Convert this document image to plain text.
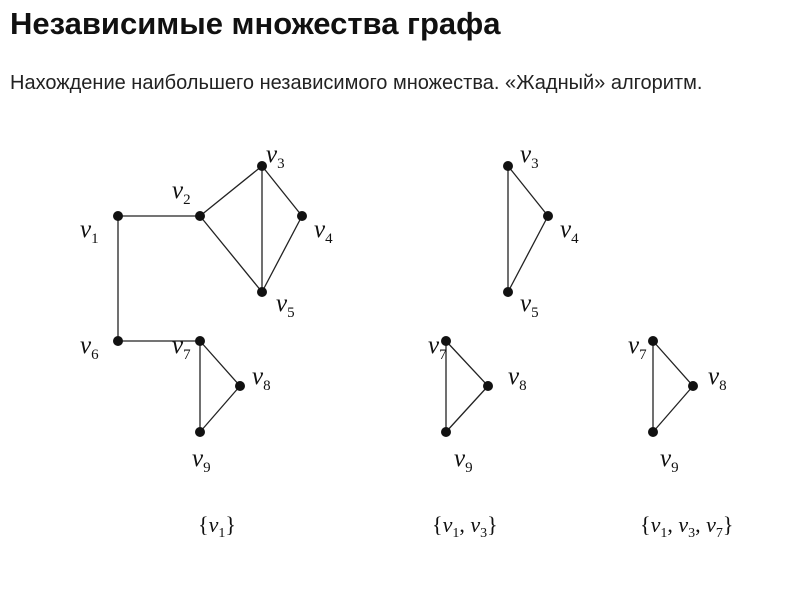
Независимые множества графа

Нахождение наибольшего независимого множества. «Жадный» алгоритм.

$v_1$
$v_2$
$v_3$
$v_4$
$v_5$
$v_6$	$v_7$
$v_8$
$v_9$
$\{v_1\}$
$v_3$
$v_4$
$v_5$
$v_7$
$v_8$
$v_9$
{$v_1$, $v_3$}
$v_7$
$v_8$
$v_9$
{$v_1$, $v_3$, $v_7$}
